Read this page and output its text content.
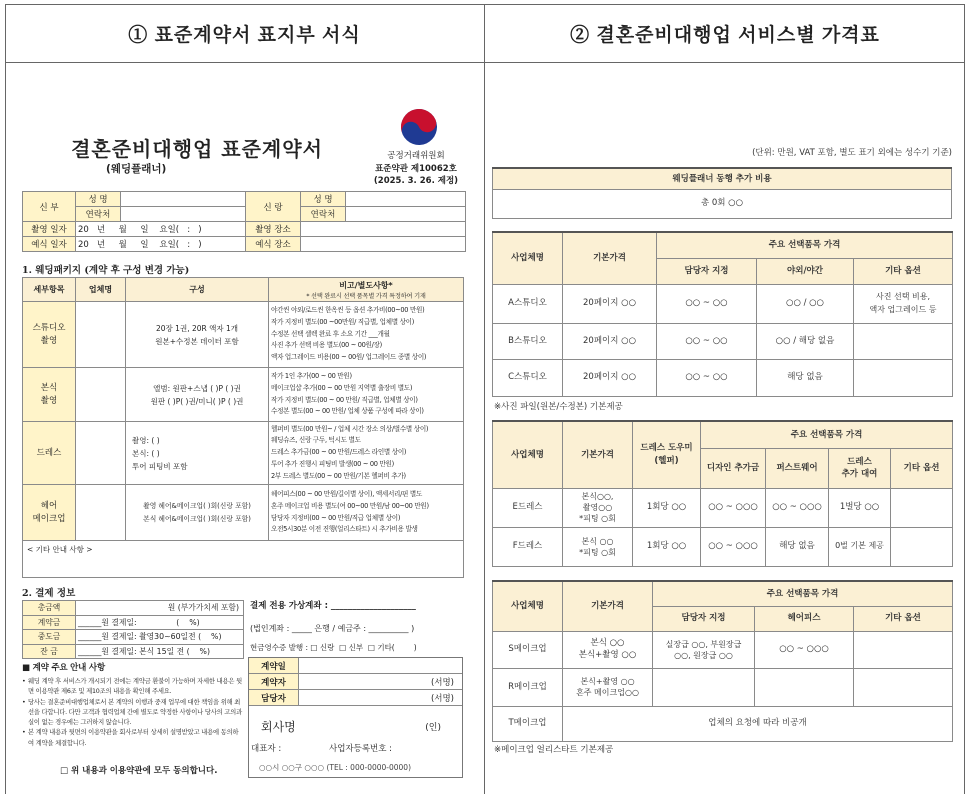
① 표준계약서 표지부 서식	② 결혼준비대행업 서비스별 가격표
공정거래위원회
표준약관 제10062호
(2025. 3. 26. 제정)
결혼준비대행업 표준계약서
(웨딩플래너)
신 부	성 명		신 랑	성 명	
	연락처			연락처	
촬영 일자	20   년     월     일    요일(   :   )		촬영 장소		
예식 일자	20   년     월     일    요일(   :   )		예식 장소		
1. 웨딩패키지 (계약 후 구성 변경 가능)
세부항목	업체명	구성	비고/별도사항*
* 선택 완료시 선택 품목별 가격 특정하여 기재

스튜디오
촬영		20장 1권, 20R 액자 1개
원본+수정본 데이터 포함	야간씬 야외/로드씬 한옥씬 등 옵션 추가비(00~00 만원)
작가 지정비 별도(00 ~00만원/ 직급별, 업체별 상이)
수정본 선택 셀렉 완료 후 소요 기간 ___개월
사진 추가 선택 비용 별도(00 ~ 00원/장)
액자 업그레이드 비용(00 ~ 00원/ 업그레이드 종별 상이)
본식
촬영		앨범: 원판+스냅 ( )P ( )권
원판 ( )P( )권/미니( )P ( )권	작가 1인 추가(00 ~ 00 만원)
메이크업샵 추가(00 ~ 00 만원 지역별 출장비 별도)
작가 지정비 별도(00 ~ 00 만원/ 직급별, 업체별 상이)
수정본 별도(00 ~ 00 만원/ 업체 상품 구성에 따라 상이)
드레스		촬영: ( )
본식: ( )
투어 피팅비 포함	헬퍼비 별도(00 만원~ / 업체 시간 장소 의상/벌수별 상이)
웨딩슈즈, 신랑 구두, 턱시도 별도
드레스 추가금(00 ~ 00 만원/드레스 라인별 상이)
투어 추가 진행시 피팅비 발생(00 ~ 00 만원)
2부 드레스 별도(00 ~ 00 만원/기본 헬퍼비 추가)
헤어
메이크업		촬영 헤어&메이크업( )회(신랑 포함)
본식 헤어&메이크업( )회(신랑 포함)	헤어피스(00 ~ 00 만원/길이별 상이), 액세서리/핀 별도
혼주 메이크업 비용 별도(여 00~00 만원/남 00~00 만원)
담당자 지정비(00 ~ 00 만원/직급 업체별 상이)
오전5시30분 이전 진행(얼리스타트) 시 추가비용 발생
< 기타 안내 사항 >			
2. 결제 정보
총금액	원 (부가가치세 포함)
계약금	______원 결제일:                (    %)
중도금	______원 결제일: 촬영30~60일전 (    %)
잔 금	______원 결제일: 본식 15일 전 (    %)
결제 전용 가상계좌 : ____________________
(법인계좌 : _____ 은행 / 예금주 : __________ )
현금영수증 발행 : □ 신랑  □ 신부  □ 기타(        )
■ 계약 주요 안내 사항
• 웨딩 계약 후 서비스가 개시되기 전에는 계약금 환불이 가능하며 자세한 내용은 뒷면 이용약관 제6조 및 제10조의 내용을 확인해 주세요.
• 당사는 결혼준비대행업체로서 본 계약의 이행과 중재 업무에 대한 책임을 위해 최선을 다합니다. 다만 고객과 협력업체 간에 별도로 약정한 사항이나 당사의 고의과실이 없는 경우에는 그러하지 않습니다.
• 본 계약 내용과 뒷면의 이용약관을 회사로부터 상세히 설명받았고 내용에 동의하여 계약을 체결합니다.
□ 위 내용과 이용약관에 모두 동의합니다.
계약일
계약자	(서명)
담당자	(서명)
회사명	(인)
대표자 :	사업자등록번호 :
○○시 ○○구 ○○○ (TEL : 000-0000-0000)
(단위: 만원, VAT 포함, 별도 표기 외에는 성수기 기준)
웨딩플래너 동행 추가 비용
총 0회 ○○
사업체명	기본가격	주요 선택품목 가격		
		담당자 지정	야외/야간	기타 옵션
A스튜디오	20페이지 ○○	○○ ~ ○○	○○ / ○○	사진 선택 비용,
액자 업그레이드 등
B스튜디오	20페이지 ○○	○○ ~ ○○	○○ / 해당 없음	
C스튜디오	20페이지 ○○	○○ ~ ○○	해당 없음	
※사진 파일(원본/수정본) 기본제공
사업체명	기본가격	드레스 도우미
(헬퍼)	주요 선택품목 가격			
			디자인 추가금	퍼스트웨어	드레스
추가 대여	기타 옵션
E드레스	본식○○,
촬영○○
*피팅 ○회	1회당 ○○	○○ ~ ○○○	○○ ~ ○○○	1벌당 ○○	
F드레스	본식 ○○
*피팅 ○회	1회당 ○○	○○ ~ ○○○	해당 없음	0벌 기본 제공	
사업체명	기본가격	주요 선택품목 가격		
		담당자 지정	헤어피스	기타 옵션
S메이크업	본식 ○○
본식+촬영 ○○	실장급 ○○, 부원장급
○○, 원장급 ○○	○○ ~ ○○○	
R메이크업	본식+촬영 ○○
혼주 메이크업○○			
T메이크업	업체의 요청에 따라 비공개			
※메이크업 얼리스타트 기본제공
